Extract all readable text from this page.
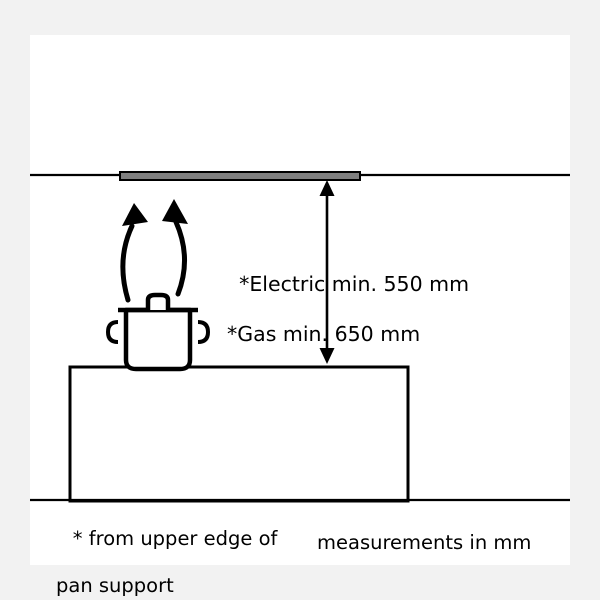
*Electric min. 550 mm

*Gas min. 650 mm

* from upper edge of

pan support

measurements in mm
